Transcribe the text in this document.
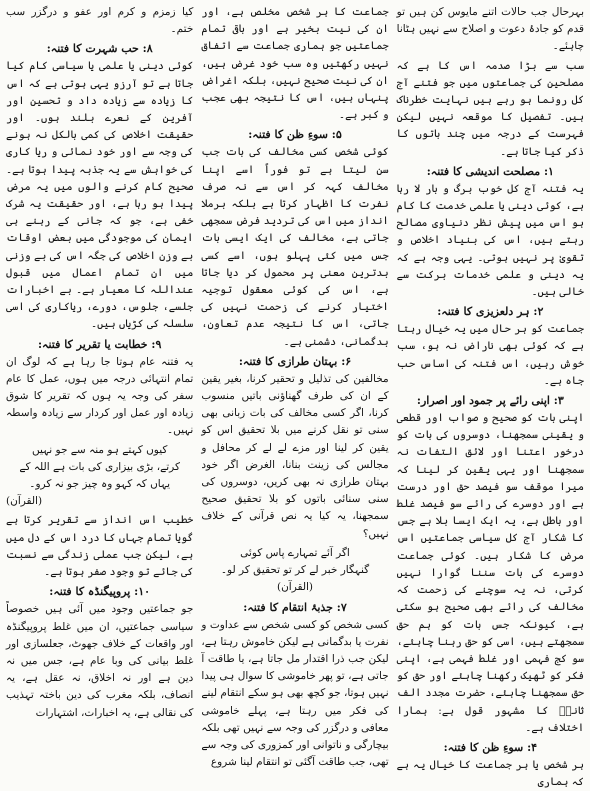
بہرحال جب حالات اتنے مایوس کن ہیں تو قدم کو جادۂ دعوت و اصلاح سے نہیں ہٹانا چاہئے۔

سب سے بڑا صدمہ اس کا ہے کہ مصلحین کی جماعتوں میں جو فتنے آج کل رونما ہو رہے ہیں نہایت خطرناک ہیں۔ تفصیل کا موقعہ نہیں لیکن فہرست کے درجہ میں چند باتوں کا ذکر کیا جاتا ہے۔

۱: مصلحت اندیشی کا فتنہ:

یہ فتنہ آج کل خوب برگ و بار لا رہا ہے، کوئی دینی یا علمی خدمت کا کام ہو اس میں پیش نظر دنیاوی مصالح رہتے ہیں، اس کی بنیاد اخلاص و تقویٰ پر نہیں ہوتی۔ یہی وجہ ہے کہ یہ دینی و علمی خدمات برکت سے خالی ہیں۔

۲: ہر دلعزیزی کا فتنہ:

جماعت کو ہر حال میں یہ خیال رہتا ہے کہ کوئی بھی ناراض نہ ہو، سب خوش رہیں، اس فتنہ کی اساس حب جاہ ہے۔

۳: اپنی رائے پر جمود اور اصرار:

اپنی بات کو صحیح و صواب اور قطعی و یقینی سمجھنا، دوسروں کی بات کو درخور اعتنا اور لائق التفات نہ سمجھنا اور یہی یقین کر لینا کہ میرا موقف سو فیصد حق اور درست ہے اور دوسرے کی رائے سو فیصد غلط اور باطل ہے، یہ ایک ایسا بلا ہے جس کا شکار آج کل سیاسی جماعتیں اس مرض کا شکار ہیں۔ کوئی جماعت دوسرے کی بات سننا گوارا نہیں کرتی، نہ یہ سوچنے کی زحمت کہ مخالف کی رائے بھی صحیح ہو سکتی ہے، کیونکہ جس بات کو ہم حق سمجھتے ہیں، اسی کو حق رہنا چاہئے، سو کج فہمی اور غلط فہمی ہے، اپنی فکر کو ٹھیک رکھنا چاہئے اور حق کو حق سمجھنا چاہئے، حضرت مجدد الف ثانیؒ کا مشہور قول ہے: ہمارا اختلاف ہے۔

۴: سوءِ ظن کا فتنہ:

ہر شخص یا ہر جماعت کا خیال یہ ہے کہ ہماری

جماعت کا ہر شخص مخلص ہے، اور ان کی نیت بخیر ہے اور باقی تمام جماعتیں جو ہماری جماعت سے اتفاق نہیں رکھتیں وہ سب خود غرض ہیں، ان کی نیت صحیح نہیں، بلکہ اغراض پنہاں ہیں، اس کا نتیجہ بھی عجب و کبر ہے۔

۵: سوءِ ظن کا فتنہ:

کوئی شخص کسی مخالف کی بات جب سن لیتا ہے تو فوراً اسے اپنا مخالف کہہ کر اس سے نہ صرف نفرت کا اظہار کرتا ہے بلکہ برملا انداز میں اس کی تردید فرض سمجھی جاتی ہے، مخالف کی ایک ایسی بات جس میں کئی پہلو ہوں، اسے کسی بدترین معنی پر محمول کر دیا جاتا ہے، اس کی کوئی معقول توجیہ اختیار کرنے کی زحمت نہیں کی جاتی، اس کا نتیجہ عدم تعاون، بدگمانی، دشمنی ہے۔

۶: بہتان طرازی کا فتنہ:

مخالفین کی تذلیل و تحقیر کرنا، بغیر یقین کے ان کی طرف گھناؤنی باتیں منسوب کرنا، اگر کسی مخالف کی بات زبانی بھی سنی تو نقل کرنے میں بلا تحقیق اس کو یقین کر لینا اور مزے لے لے کر محافل و مجالس کی زینت بنانا، الغرض اگر خود بہتان طرازی نہ بھی کریں، دوسروں کی سنی سنائی باتوں کو بلا تحقیق صحیح سمجھنا، یہ کیا یہ نص قرآنی کے خلاف نہیں؟

اگر آئے تمہارے پاس کوئی

گنہگار خبر لے کر تو تحقیق کر لو۔ (القرآن)

۷: جذبۂ انتقام کا فتنہ:

کسی شخص کو کسی شخص سے عداوت و نفرت یا بدگمانی ہے لیکن خاموش رہتا ہے، لیکن جب ذرا اقتدار مل جاتا ہے، یا طاقت آ جاتی ہے، تو پھر خاموشی کا سوال ہی پیدا نہیں ہوتا، جو کچھ بھی ہو سکے انتقام لینے کی فکر میں رہتا ہے، پہلے خاموشی معافی و درگزر کی وجہ سے نہیں تھی بلکہ بیچارگی و ناتوانی اور کمزوری کی وجہ سے تھی، جب طاقت آگئی تو انتقام لینا شروع

کیا زمزم و کرم اور عفو و درگزر سب ختم۔

۸: حب شہرت کا فتنہ:

کوئی دینی یا علمی یا سیاسی کام کیا جاتا ہے تو آرزو یہی ہوتی ہے کہ اس کا زیادہ سے زیادہ داد و تحسین اور آفرین کے نعرے بلند ہوں۔ اور حقیقت اخلاص کی کمی بالکل نہ ہونے کی وجہ سے اور خود نمائی و ریا کاری کی خواہش سے یہ جذبہ پیدا ہوتا ہے۔ صحیح کام کرنے والوں میں یہ مرض پیدا ہو رہا ہے، اور حقیقت یہ شرک خفی ہے، جو کہ جانی کے رہنے ہی ایمان کی موجودگی میں بعض اوقات بے وزن اخلاص کی جگہ اس کی بے وزنی میں ان تمام اعمال میں قبول عنداللہ کا معیار ہے۔ بے اخبارات جلسے، جلوس، دورے، ریاکاری کی اسی سلسلہ کی کڑیاں ہیں۔

۹: خطابت یا تقریر کا فتنہ:

یہ فتنہ عام ہوتا جا رہا ہے کہ لوگ ان تمام انتہائی درجہ میں ہوں، عمل کا عام سفر کی وجہ یہ ہوں کہ تقریر کا شوق زیادہ اور عمل اور کردار سے زیادہ واسطہ نہیں۔

کیوں کہتے ہو منہ سے جو نہیں

کرتے، بڑی بیزاری کی بات ہے اللہ کے

یہاں کہ کہو وہ چیز جو نہ کرو۔

(القرآن)

خطیب اس انداز سے تقریر کرتا ہے گویا تمام جہاں کا درد اس کے دل میں ہے، لیکن جب عملی زندگی سے نسبت کی جائے تو وجود صفر ہوتا ہے۔

۱۰: پروپیگنڈہ کا فتنہ:

جو جماعتیں وجود میں آئی ہیں خصوصاً سیاسی جماعتیں، ان میں غلط پروپیگنڈہ اور واقعات کے خلاف جھوٹ، جعلسازی اور غلط بیانی کی وبا عام ہے، جس میں نہ دین ہے اور نہ اخلاق، نہ عقل ہے، یہ انصاف، بلکہ مغرب کی دین باختہ تہذیب کی نقالی ہے، یہ اخبارات، اشتہارات
